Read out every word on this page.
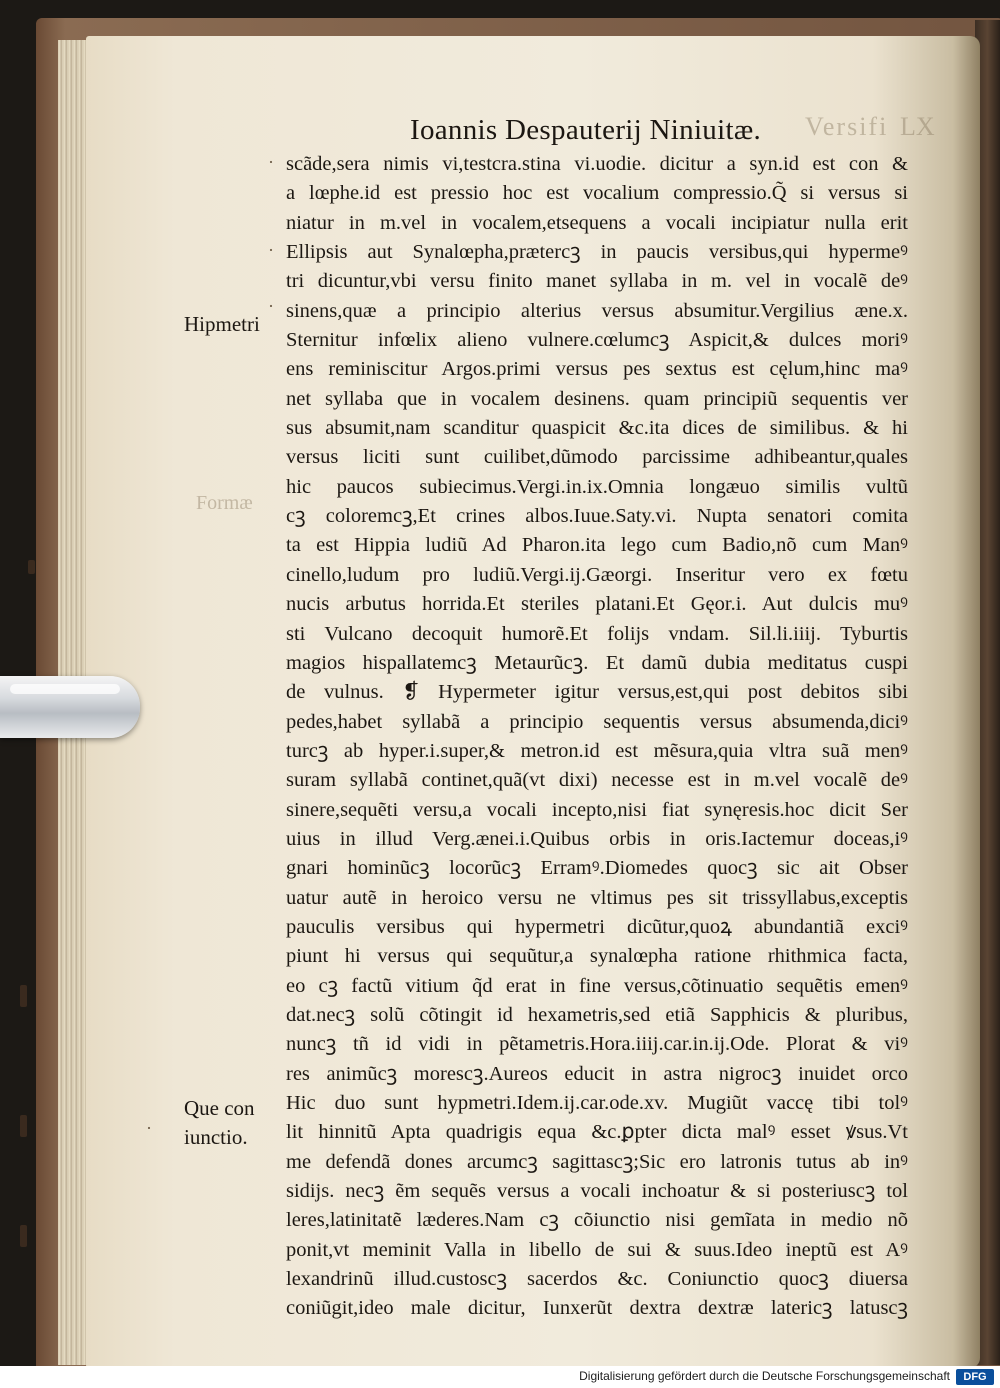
Versifi LX
Formæ
Ioannis Despauterij Niniuitæ.
Hipmetri
Que con
iunctio.
scãde,sera nimis vi,testcra.stina vi.uodie. dicitur a syn.id est con &
a lœphe.id est pressio hoc est vocalium compressio.Q̃ si versus si
niatur in m.vel in vocalem,etsequens a vocali incipiatur nulla erit
Ellipsis aut Synalœpha,prætercꝫ in paucis versibus,qui hypermeꝰ
tri dicuntur,vbi versu finito manet syllaba in m. vel in vocalẽ deꝰ
sinens,quæ a principio alterius versus absumitur.Vergilius æne.x.
Sternitur infœlix alieno vulnere.cœlumcꝫ Aspicit,& dulces moriꝰ
ens reminiscitur Argos.primi versus pes sextus est cęlum,hinc maꝰ
net syllaba que in vocalem desinens. quam principiũ sequentis ver
sus absumit,nam scanditur quaspicit &c.ita dices de similibus. & hi
versus liciti sunt cuilibet,dũmodo parcissime adhibeantur,quales
hic paucos subiecimus.Vergi.in.ix.Omnia longæuo similis vultũ
cꝫ coloremcꝫ,Et crines albos.Iuue.Saty.vi. Nupta senatori comita
ta est Hippia ludiũ Ad Pharon.ita lego cum Badio,nõ cum Manꝰ
cinello,ludum pro ludiũ.Vergi.ĳ.Gæorgi. Inseritur vero ex fœtu
nucis arbutus horrida.Et steriles platani.Et Gęor.i. Aut dulcis muꝰ
sti Vulcano decoquit humorẽ.Et folĳs vndam. Sil.li.iiĳ. Tyburtis
magios hispallatemcꝫ Metaurũcꝫ. Et damũ dubia meditatus cuspi
de vulnus. ❡ Hypermeter igitur versus,est,qui post debitos sibi
pedes,habet syllabã a principio sequentis versus absumenda,diciꝰ
turcꝫ ab hyper.i.super,& metron.id est mẽsura,quia vltra suã menꝰ
suram syllabã continet,quã(vt dixi) necesse est in m.vel vocalẽ deꝰ
sinere,sequẽti versu,a vocali incepto,nisi fiat synęresis.hoc dicit Ser
uius in illud Verg.ænei.i.Quibus orbis in oris.Iactemur doceas,iꝰ
gnari hominũcꝫ locorũcꝫ Erramꝰ.Diomedes quocꝫ sic ait Obser
uatur autẽ in heroico versu ne vltimus pes sit trissyllabus,exceptis
pauculis versibus qui hypermetri dicũtur,quoꝝ abundantiã exciꝰ
piunt hi versus qui sequũtur,a synalœpha ratione rhithmica facta,
eo cꝫ factũ vitium q̃d erat in fine versus,cõtinuatio sequẽtis emenꝰ
dat.necꝫ solũ cõtingit id hexametris,sed etiã Sapphicis & pluribus,
nuncꝫ tñ id vidi in pẽtametris.Hora.iiĳ.car.in.ĳ.Ode. Plorat & viꝰ
res animũcꝫ morescꝫ.Aureos educit in astra nigrocꝫ inuidet orco
Hic duo sunt hypmetri.Idem.ĳ.car.ode.xv. Mugiũt vaccę tibi tolꝰ
lit hinnitũ Apta quadrigis equa &c.ꝑpter dicta malꝰ esset ꝟsus.Vt
me defendã dones arcumcꝫ sagittascꝫ;Sic ero latronis tutus ab inꝰ
sidĳs. necꝫ ẽm sequẽs versus a vocali inchoatur & si posteriuscꝫ tol
leres,latinitatẽ læderes.Nam cꝫ cõiunctio nisi gemĩata in medio nõ
ponit,vt meminit Valla in libello de sui & suus.Ideo ineptũ est Aꝰ
lexandrinũ illud.custoscꝫ sacerdos &c. Coniunctio quocꝫ diuersa
coniũgit,ideo male dicitur, Iunxerũt dextra dextræ latericꝫ latuscꝫ
·
·
·
·
Digitalisierung gefördert durch die Deutsche Forschungsgemeinschaft	DFG
